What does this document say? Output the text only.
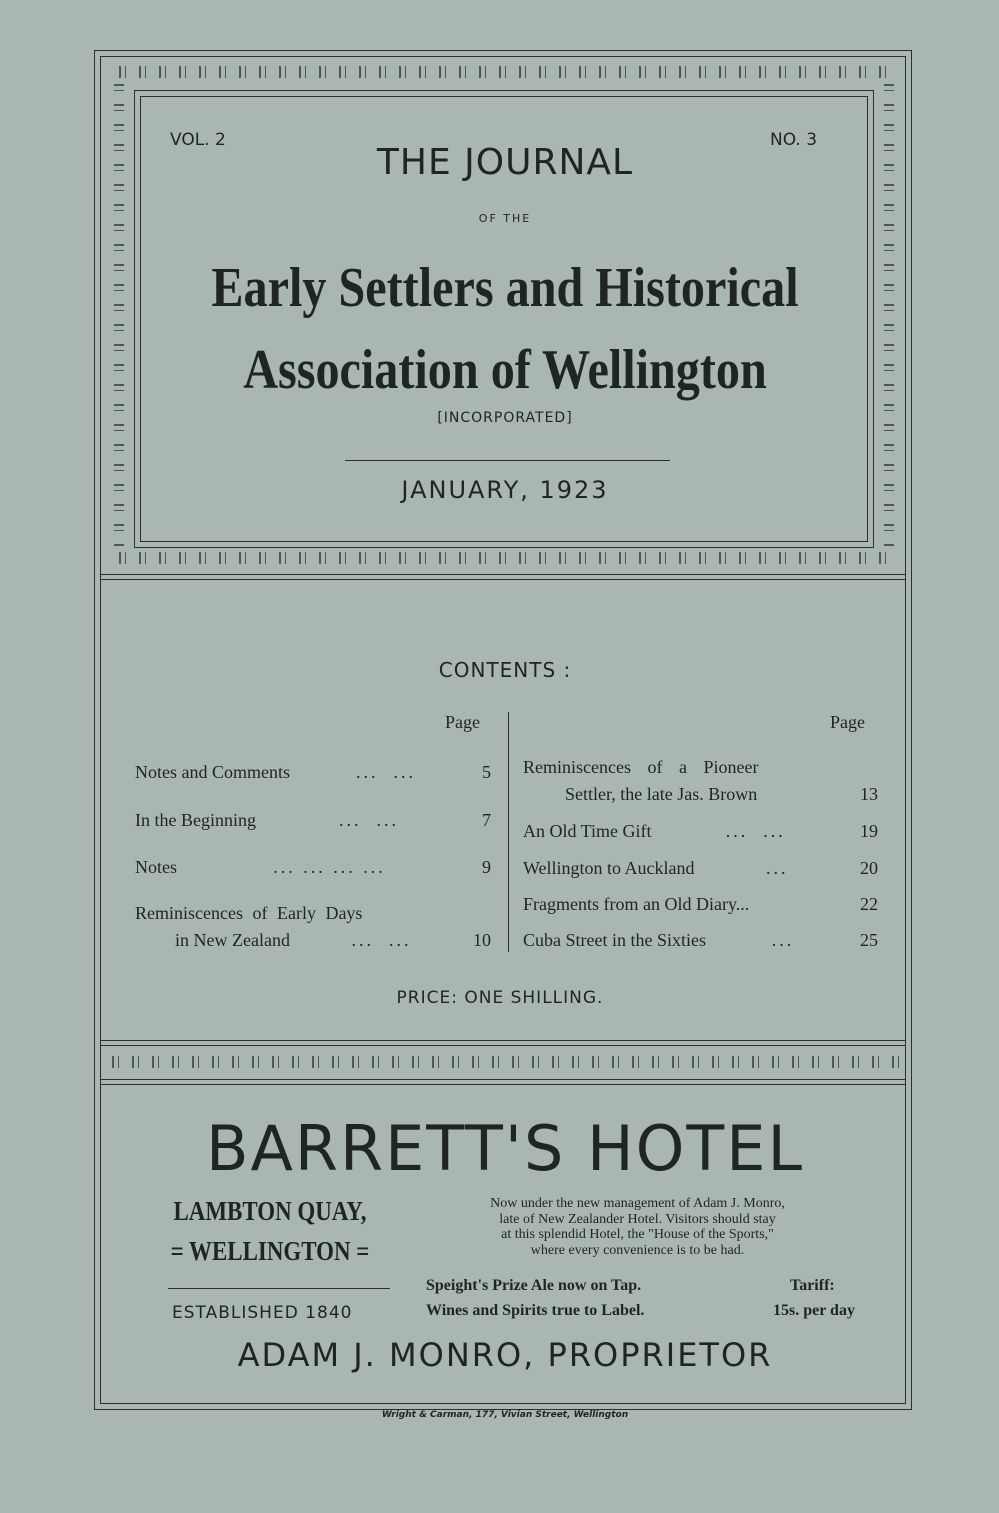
VOL. 2	NO. 3
THE JOURNAL
OF THE
Early Settlers and Historical
Association of Wellington
[INCORPORATED]
JANUARY, 1923
CONTENTS :
Page	Page
Notes and Comments	...  ...	5
In the Beginning	...  ...	7
Notes	... ... ... ...	9
Reminiscences of Early Days
in New Zealand	...  ...	10
Reminiscences of a Pioneer
Settler, the late Jas. Brown	13
An Old Time Gift	...  ...	19
Wellington to Auckland	...	20
Fragments from an Old Diary...	22
Cuba Street in the Sixties	...	25
PRICE: ONE SHILLING.
BARRETT'S HOTEL
LAMBTON QUAY,
= WELLINGTON =
ESTABLISHED 1840
Now under the new management of Adam J. Monro,
late of New Zealander Hotel. Visitors should stay
at this splendid Hotel, the "House of the Sports,"
where every convenience is to be had.
Speight's Prize Ale now on Tap.
Wines and Spirits true to Label.
Tariff:
15s. per day
ADAM J. MONRO, PROPRIETOR
Wright & Carman, 177, Vivian Street, Wellington
